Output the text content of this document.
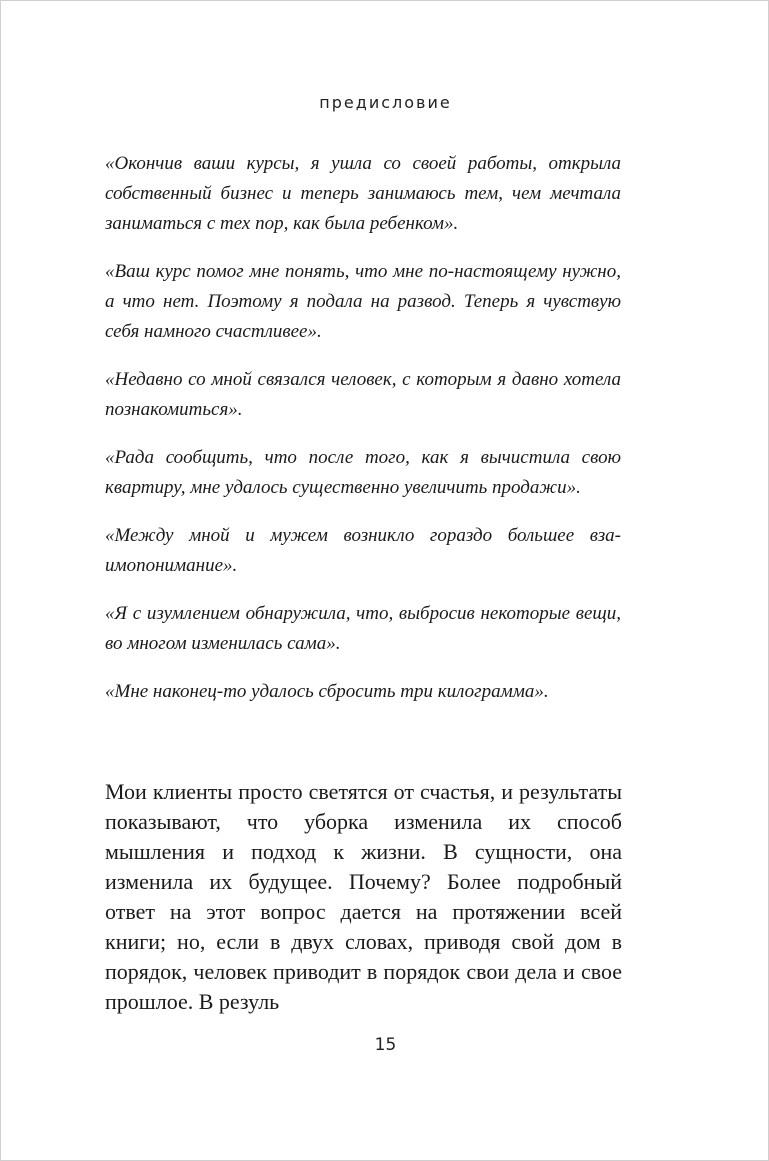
предисловие

«Окончив ваши курсы, я ушла со своей работы, открыла собственный бизнес и теперь занимаюсь тем, чем мечтала заниматься с тех пор, как была ребенком».

«Ваш курс помог мне понять, что мне по-настоящему нужно, а что нет. Поэтому я подала на развод. Теперь я чувствую себя намного счастливее».

«Недавно со мной связался человек, с которым я давно хотела познакомиться».

«Рада сообщить, что после того, как я вычистила свою квартиру, мне удалось существенно увеличить продажи».

«Между мной и мужем возникло гораздо большее взаимопонимание».

«Я с изумлением обнаружила, что, выбросив некоторые вещи, во многом изменилась сама».

«Мне наконец-то удалось сбросить три килограмма».

Мои клиенты просто светятся от счастья, и результаты показывают, что уборка изменила их способ мышления и подход к жизни. В сущности, она изменила их будущее. Почему? Более подробный ответ на этот вопрос дается на протяжении всей книги; но, если в двух словах, приводя свой дом в порядок, человек приводит в порядок свои дела и свое прошлое. В резуль

15
